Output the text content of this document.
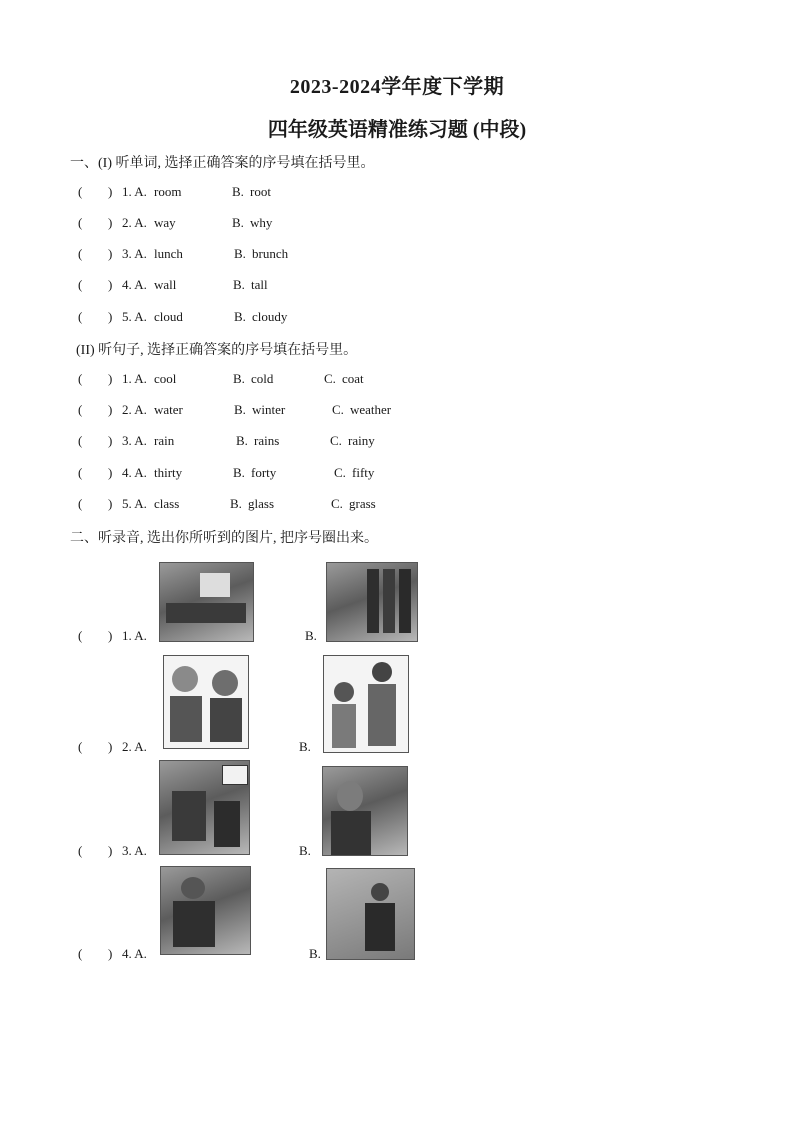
2023-2024学年度下学期
四年级英语精准练习题 (中段)
一、(I) 听单词, 选择正确答案的序号填在括号里。
( ) 1. A. room	B. root
( ) 2. A. way	B. why
( ) 3. A. lunch	B. brunch
( ) 4. A. wall	B. tall
( ) 5. A. cloud	B. cloudy
(II) 听句子, 选择正确答案的序号填在括号里。
( ) 1. A. cool	B. cold	C. coat
( ) 2. A. water	B. winter	C. weather
( ) 3. A. rain	B. rains	C. rainy
( ) 4. A. thirty	B. forty	C. fifty
( ) 5. A. class	B. glass	C. grass
二、听录音, 选出你所听到的图片, 把序号圈出来。
( ) 1. A.	B.
( ) 2. A.	B.
( ) 3. A.	B.
( ) 4. A.	B.
